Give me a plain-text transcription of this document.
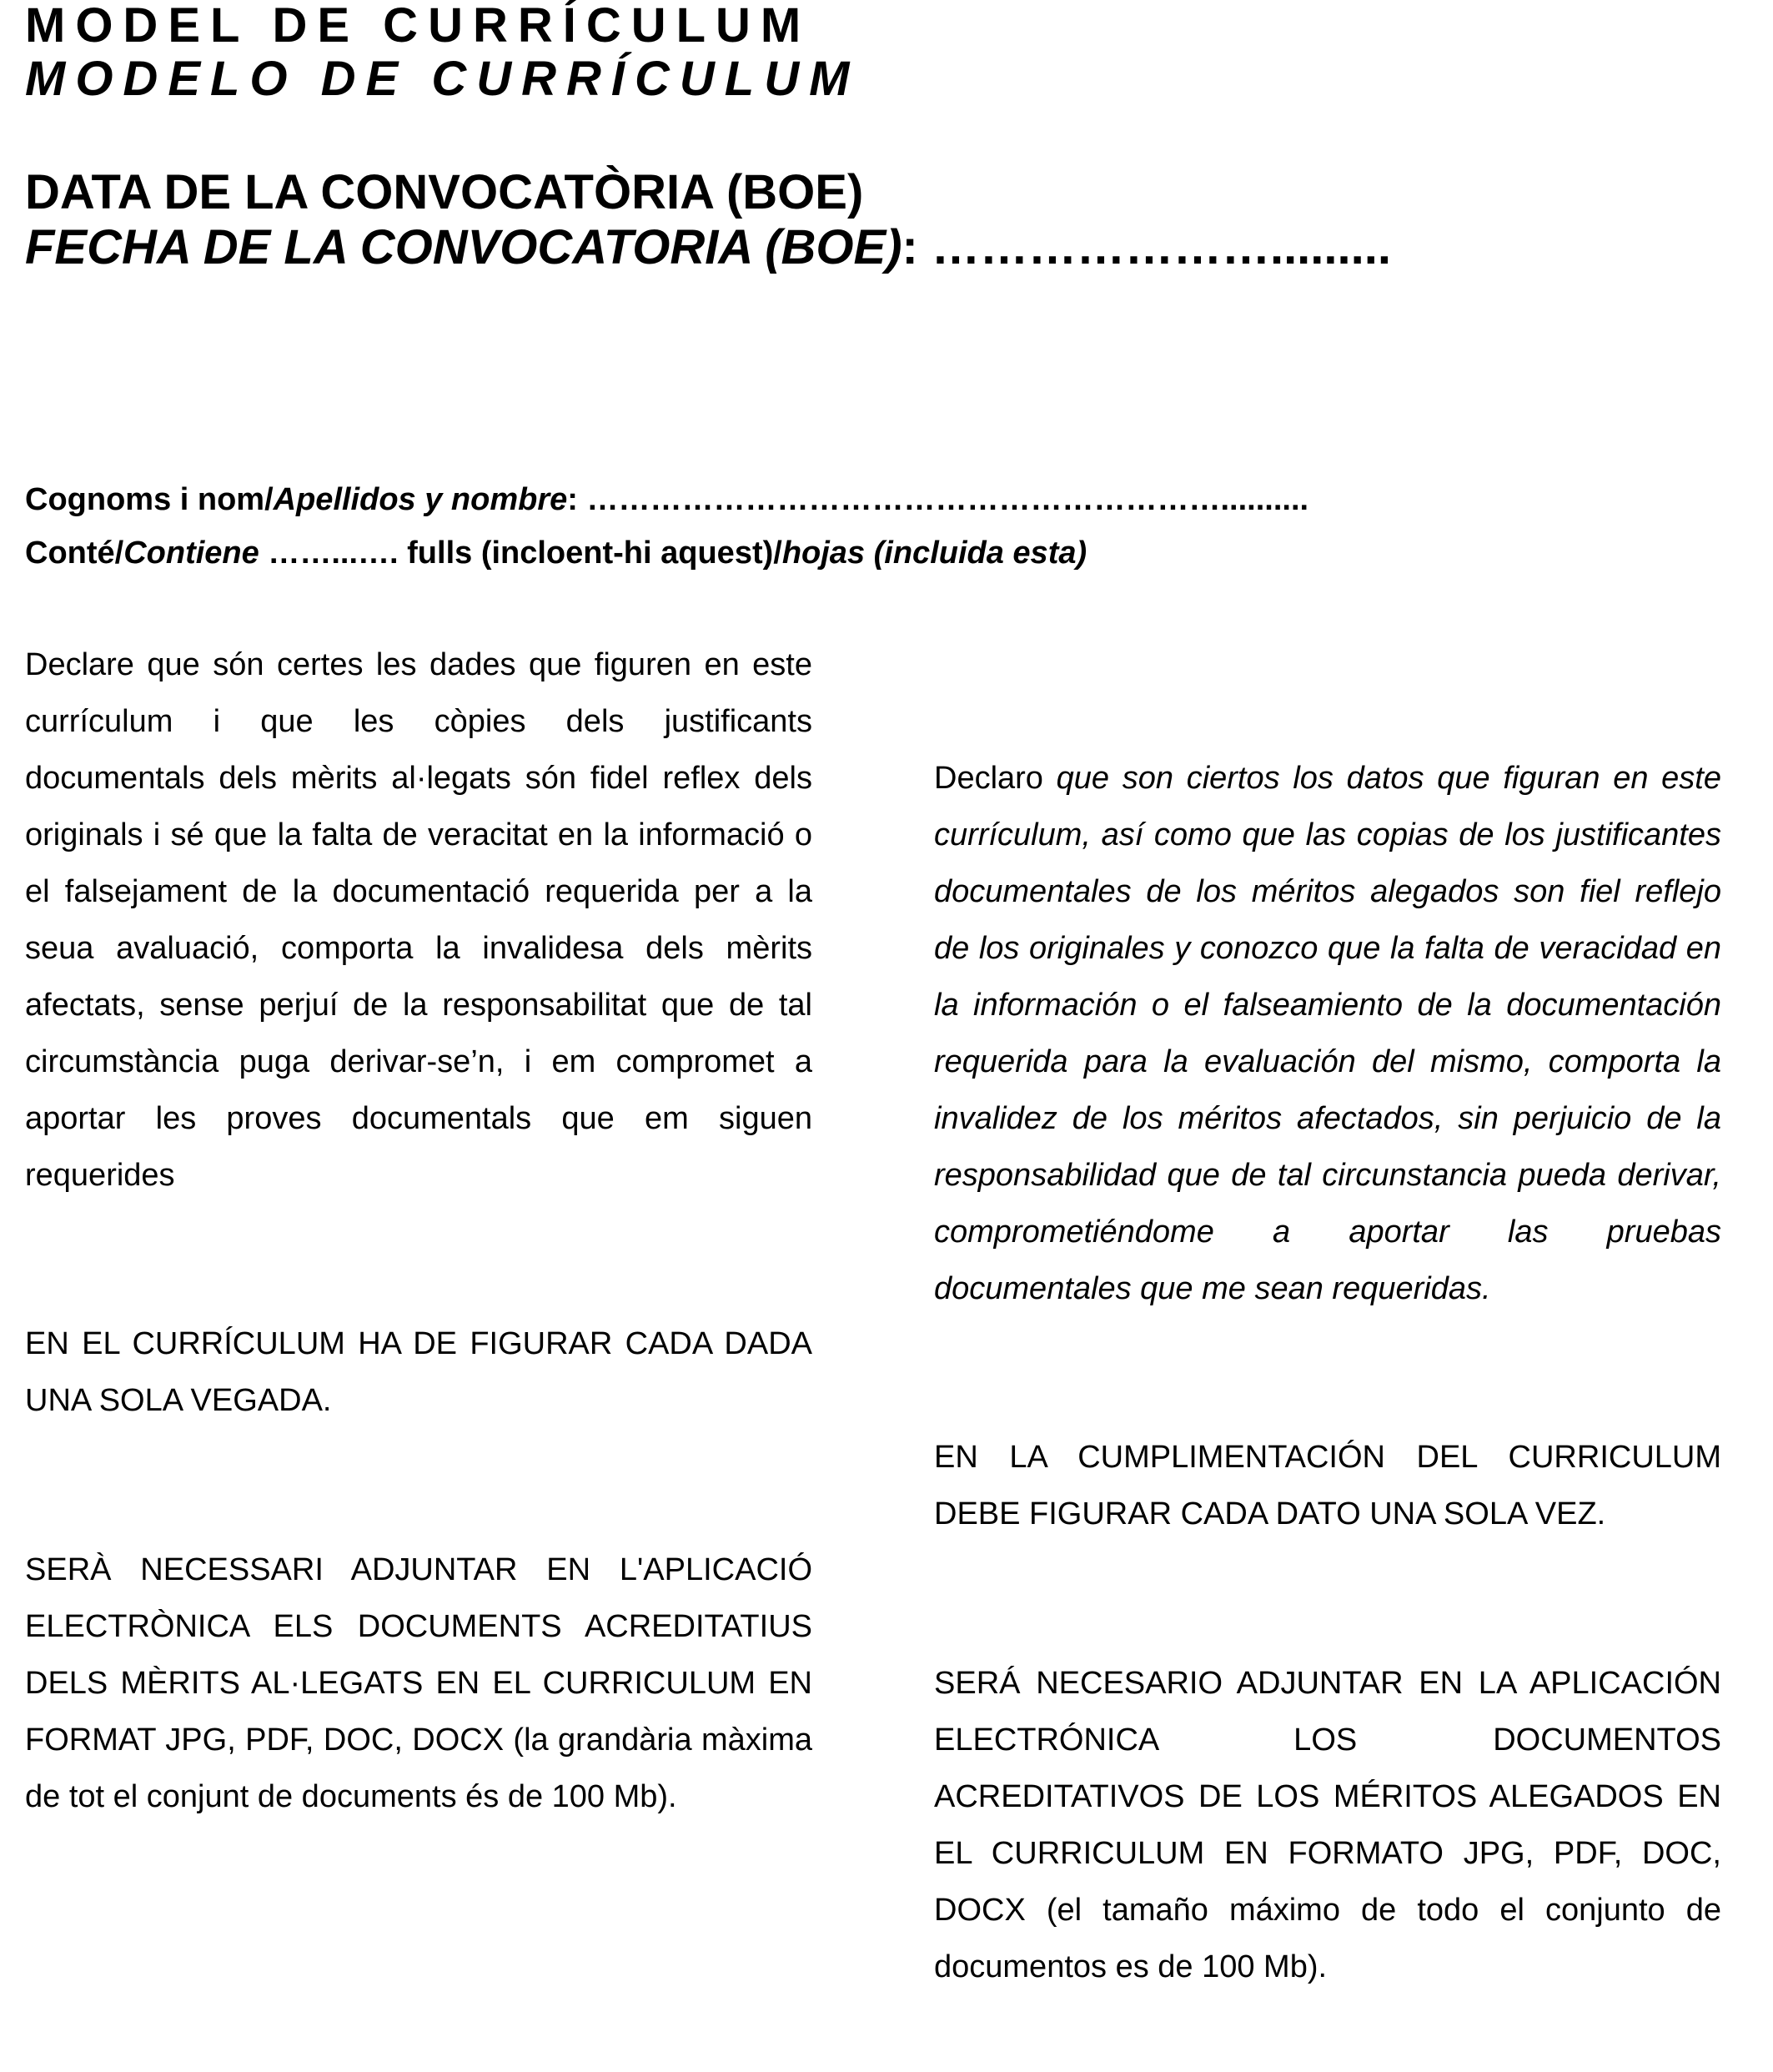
MODEL DE CURRÍCULUM
MODELO DE CURRÍCULUM
DATA DE LA CONVOCATÒRIA (BOE)
FECHA DE LA CONVOCATORIA (BOE): ………………….........
Cognoms i nom/Apellidos y nombre: ……………………………………………………..........
Conté/Contiene ……...…. fulls (incloent-hi aquest)/hojas (incluida esta)
Declare que són certes les dades que figuren en este currículum i que les còpies dels justificants documentals dels mèrits al·legats són fidel reflex dels originals i sé que la falta de veracitat en la informació o el falsejament de la documentació requerida per a la seua avaluació, comporta la invalidesa dels mèrits afectats, sense perjuí de la responsabilitat que de tal circumstància puga derivar-se’n, i em compromet a aportar les proves documentals que em siguen requerides
EN EL CURRÍCULUM HA DE FIGURAR CADA DADA UNA SOLA VEGADA.
SERÀ NECESSARI ADJUNTAR EN L'APLICACIÓ ELECTRÒNICA ELS DOCUMENTS ACREDITATIUS DELS MÈRITS AL·LEGATS EN EL CURRICULUM EN FORMAT JPG, PDF, DOC, DOCX (la grandària màxima de tot el conjunt de documents és de 100 Mb).
Declaro que son ciertos los datos que figuran en este currículum, así como que las copias de los justificantes documentales de los méritos alegados son fiel reflejo de los originales y conozco que la falta de veracidad en la información o el falseamiento de la documentación requerida para la evaluación del mismo, comporta la invalidez de los méritos afectados, sin perjuicio de la responsabilidad que de tal circunstancia pueda derivar, comprometiéndome a aportar las pruebas documentales que me sean requeridas.
EN LA CUMPLIMENTACIÓN DEL CURRICULUM DEBE FIGURAR CADA DATO UNA SOLA VEZ.
SERÁ NECESARIO ADJUNTAR EN LA APLICACIÓN ELECTRÓNICA LOS DOCUMENTOS ACREDITATIVOS DE LOS MÉRITOS ALEGADOS EN EL CURRICULUM EN FORMATO JPG, PDF, DOC, DOCX (el tamaño máximo de todo el conjunto de documentos es de 100 Mb).
